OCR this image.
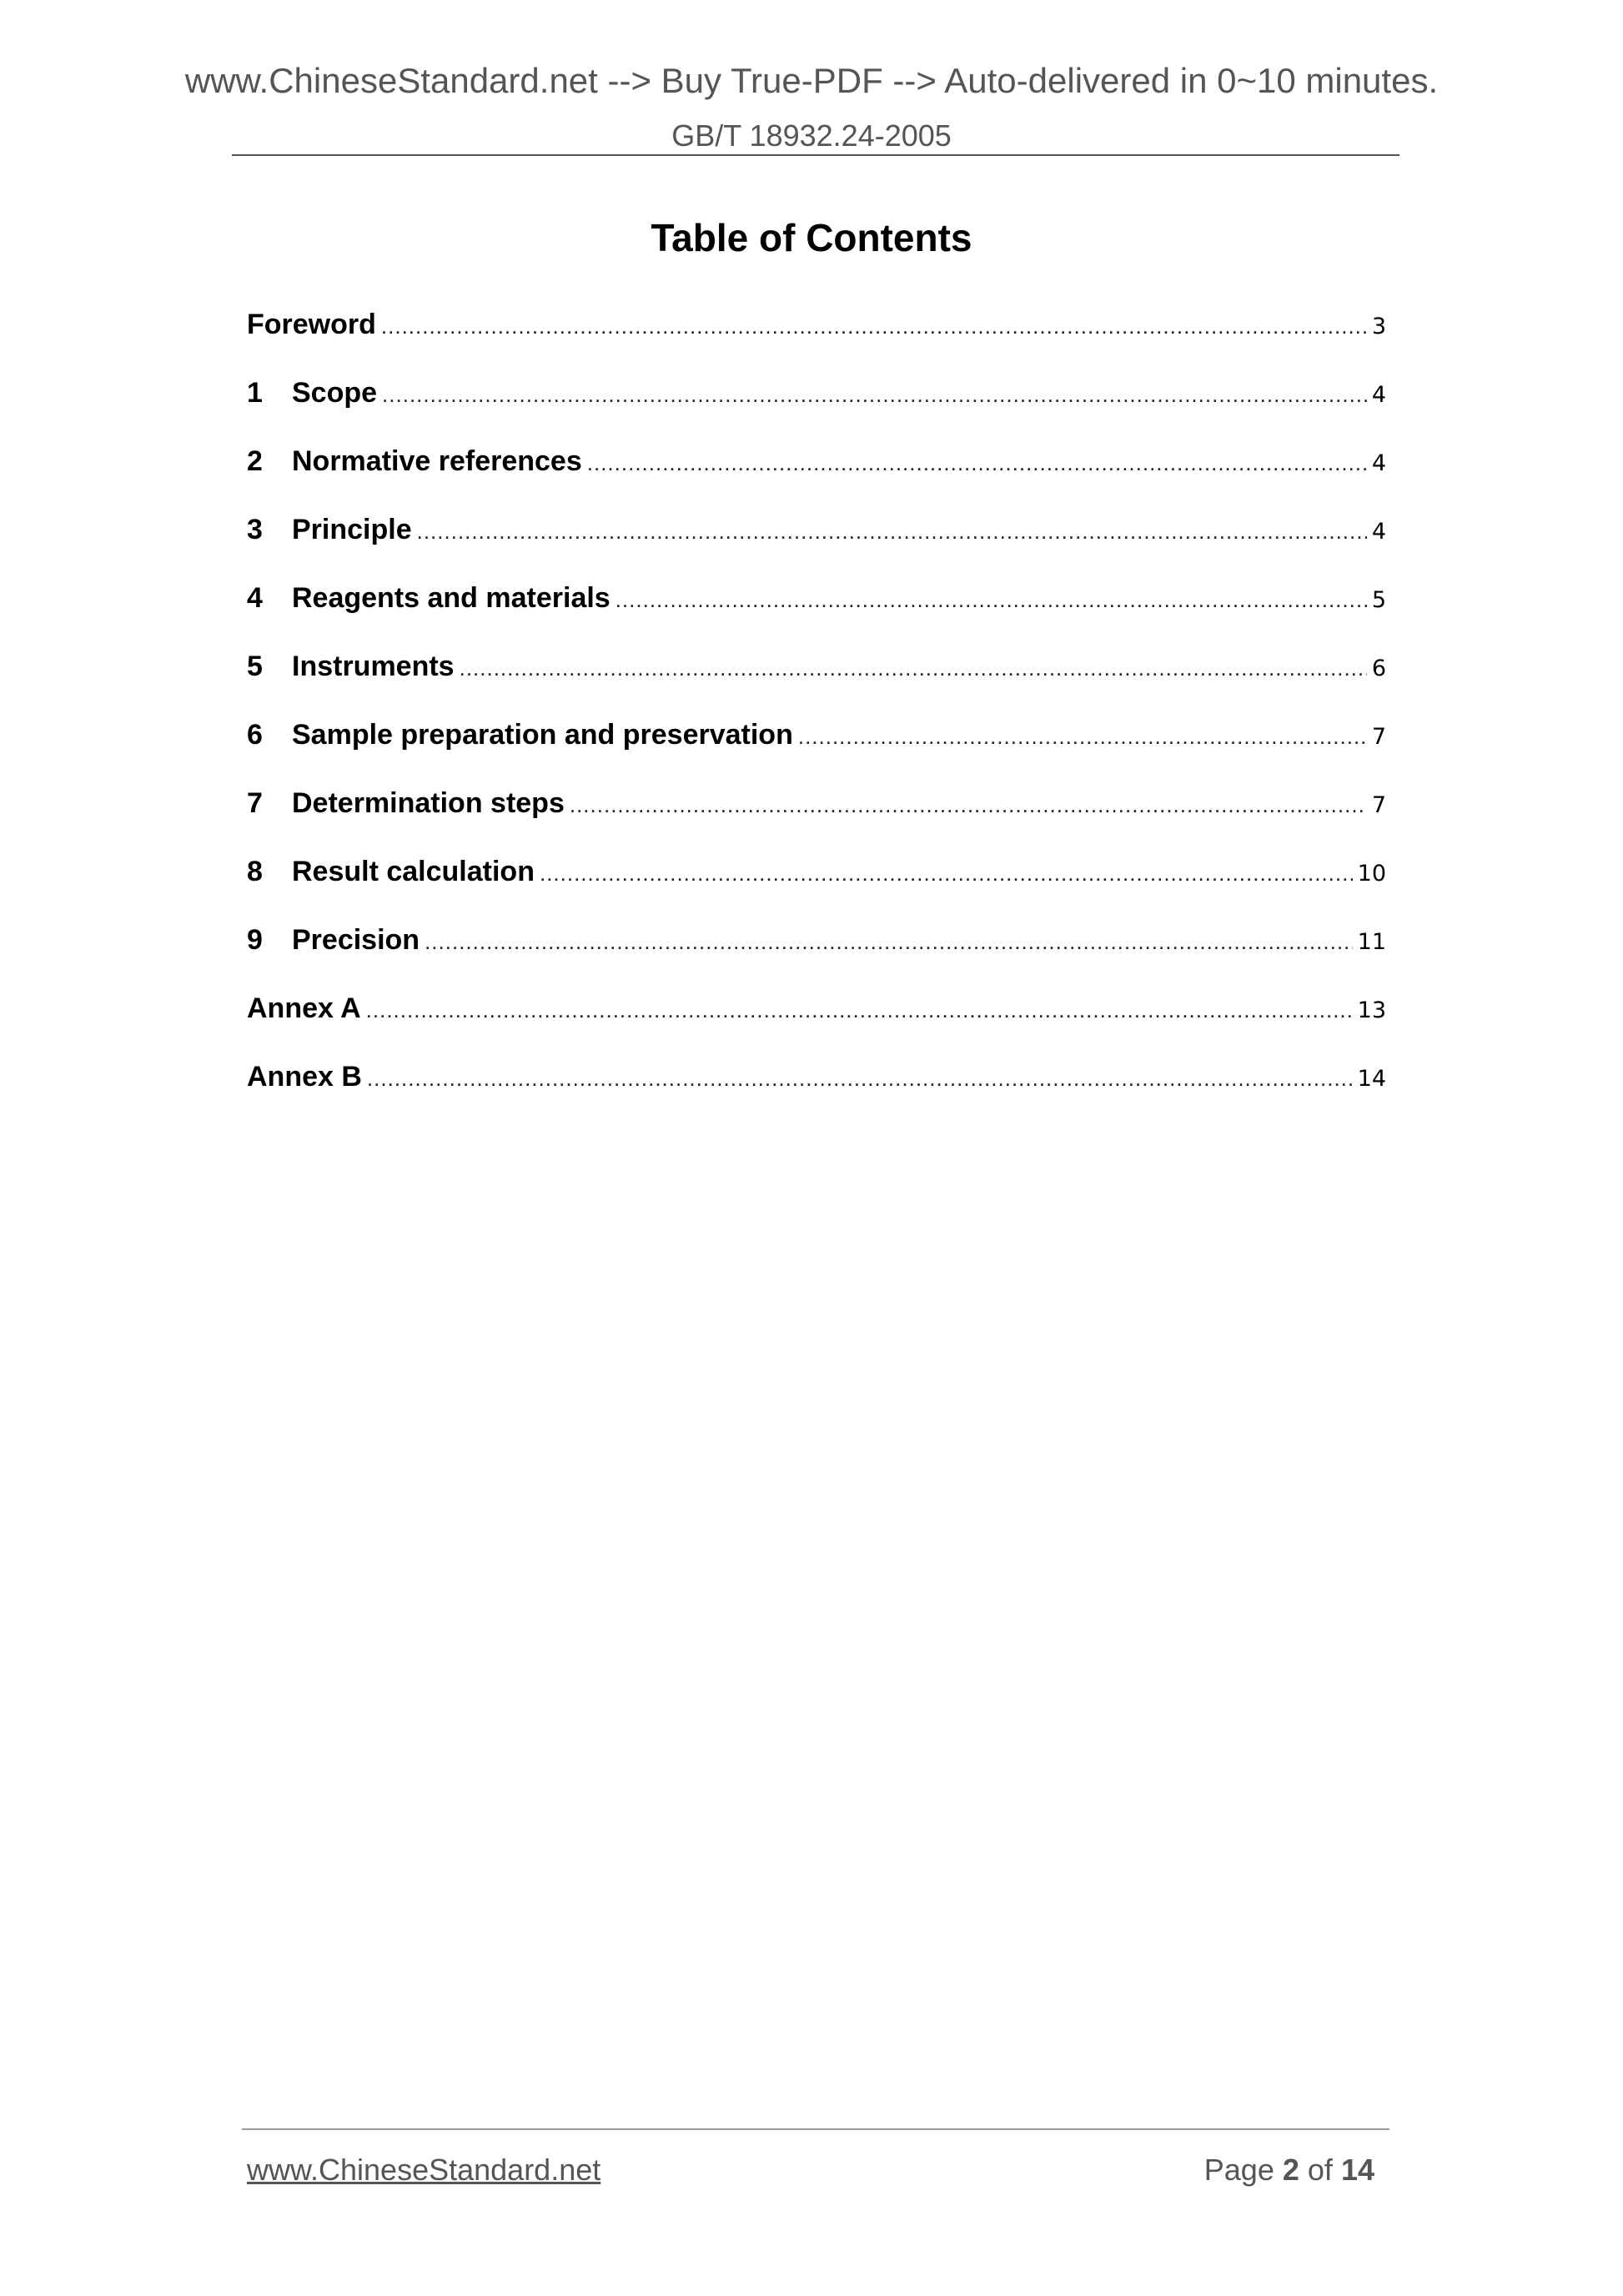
www.ChineseStandard.net --> Buy True-PDF --> Auto-delivered in 0~10 minutes.
GB/T 18932.24-2005
Table of Contents
Foreword .....	3
1	Scope .....	4
2	Normative references .....	4
3	Principle .....	4
4	Reagents and materials .....	5
5	Instruments .....	6
6	Sample preparation and preservation .....	7
7	Determination steps .....	7
8	Result calculation .....	10
9	Precision .....	11
Annex A .....	13
Annex B .....	14
www.ChineseStandard.net	Page 2 of 14
